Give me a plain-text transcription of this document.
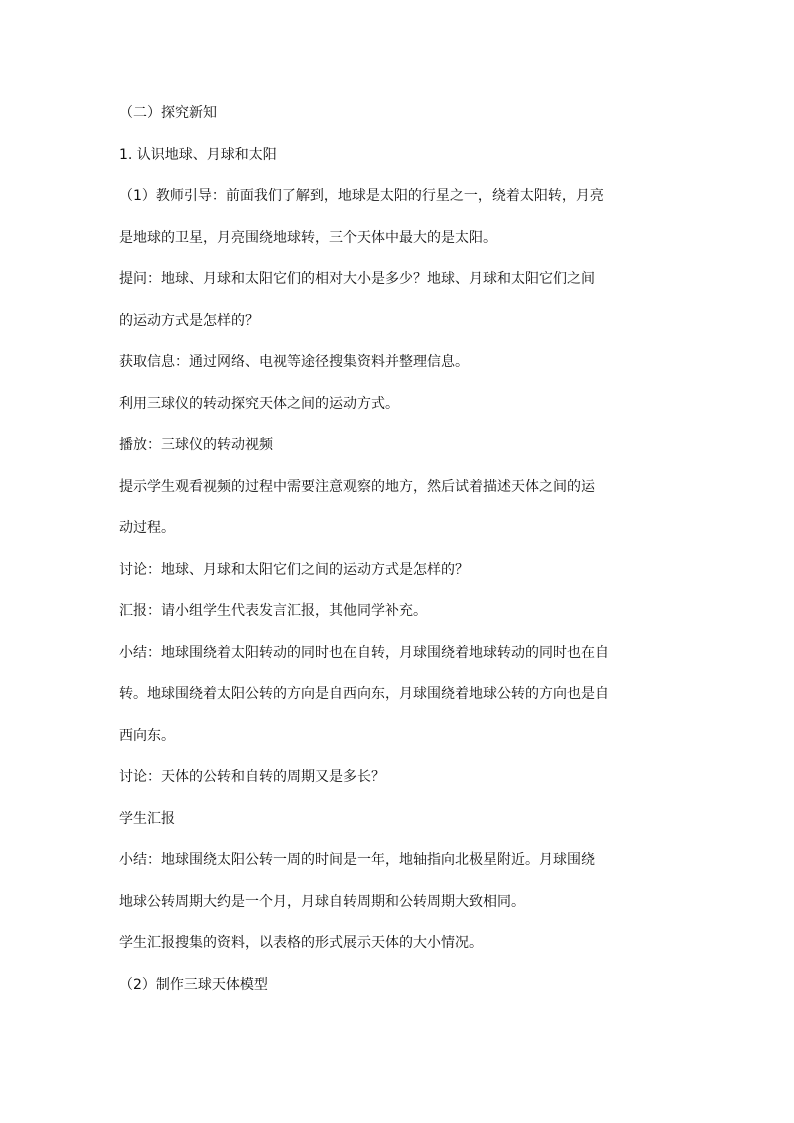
（二）探究新知
1. 认识地球、月球和太阳
（1）教师引导：前面我们了解到，地球是太阳的行星之一，绕着太阳转，月亮
是地球的卫星，月亮围绕地球转，三个天体中最大的是太阳。
提问：地球、月球和太阳它们的相对大小是多少？地球、月球和太阳它们之间
的运动方式是怎样的？
获取信息：通过网络、电视等途径搜集资料并整理信息。
利用三球仪的转动探究天体之间的运动方式。
播放：三球仪的转动视频
提示学生观看视频的过程中需要注意观察的地方，然后试着描述天体之间的运
动过程。
讨论：地球、月球和太阳它们之间的运动方式是怎样的？
汇报：请小组学生代表发言汇报，其他同学补充。
小结：地球围绕着太阳转动的同时也在自转，月球围绕着地球转动的同时也在自
转。地球围绕着太阳公转的方向是自西向东，月球围绕着地球公转的方向也是自
西向东。
讨论：天体的公转和自转的周期又是多长？
学生汇报
小结：地球围绕太阳公转一周的时间是一年，地轴指向北极星附近。月球围绕
地球公转周期大约是一个月，月球自转周期和公转周期大致相同。
学生汇报搜集的资料，以表格的形式展示天体的大小情况。
（2）制作三球天体模型
